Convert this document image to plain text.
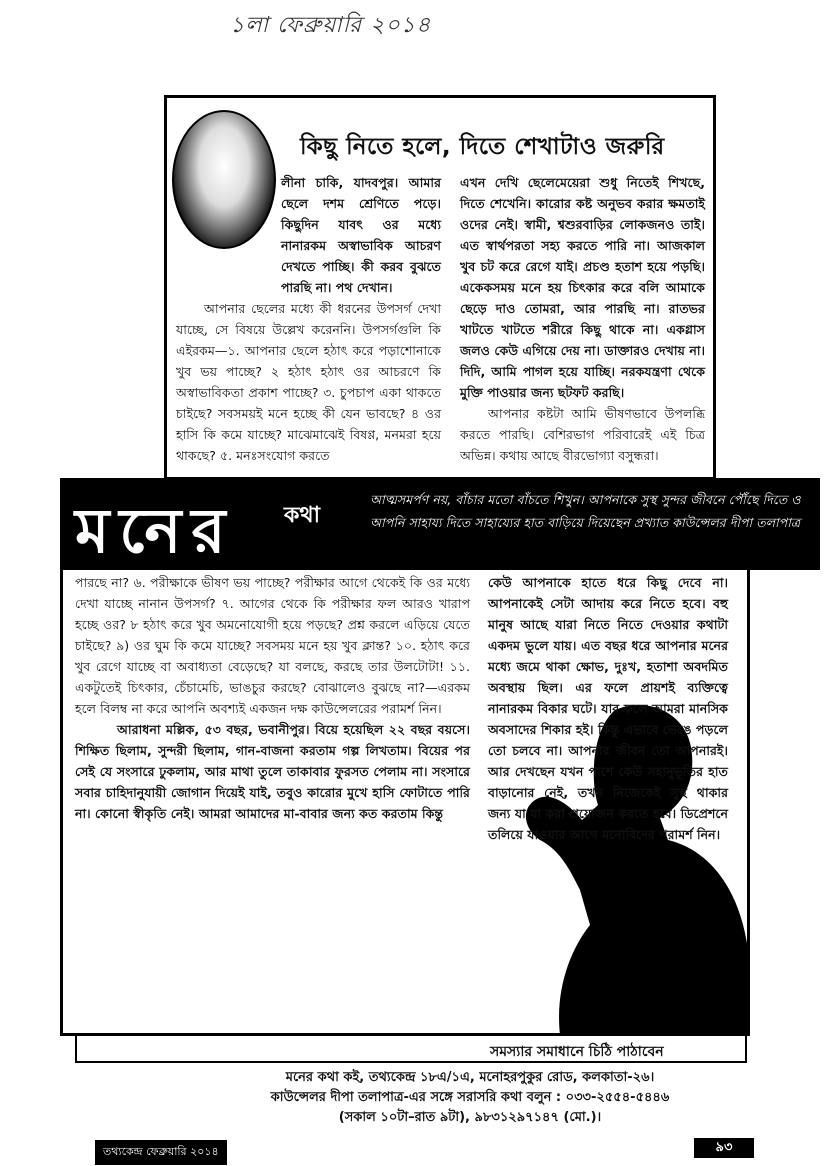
১লা ফেব্রুয়ারি ২০১৪
কিছু নিতে হলে, দিতে শেখাটাও জরুরি

লীনা চাকি, যাদবপুর। আমার ছেলে দশম শ্রেণিতে পড়ে। কিছুদিন যাবৎ ওর মধ্যে নানারকম অস্বাভাবিক আচরণ দেখতে পাচ্ছি। কী করব বুঝতে পারছি না। পথ দেখান।

আপনার ছেলের মধ্যে কী ধরনের উপসর্গ দেখা যাচ্ছে, সে বিষয়ে উল্লেখ করেননি। উপসর্গগুলি কি এইরকম—১. আপনার ছেলে হঠাৎ করে পড়াশোনাকে খুব ভয় পাচ্ছে? ২ হঠাৎ হঠাৎ ওর আচরণে কি অস্বাভাবিকতা প্রকাশ পাচ্ছে? ৩. চুপচাপ একা থাকতে চাইছে? সবসময়ই মনে হচ্ছে কী যেন ভাবছে? ৪ ওর হাসি কি কমে যাচ্ছে? মাঝেমাঝেই বিষণ্ণ, মনমরা হয়ে থাকছে? ৫. মনঃসংযোগ করতে

এখন দেখি ছেলেমেয়েরা শুধু নিতেই শিখছে, দিতে শেখেনি। কারোর কষ্ট অনুভব করার ক্ষমতাই ওদের নেই। স্বামী, শ্বশুরবাড়ির লোকজনও তাই। এত স্বার্থপরতা সহ্য করতে পারি না। আজকাল খুব চট করে রেগে যাই। প্রচণ্ড হতাশ হয়ে পড়ছি। একেকসময় মনে হয় চিৎকার করে বলি আমাকে ছেড়ে দাও তোমরা, আর পারছি না। রাতভর খাটতে খাটতে শরীরে কিছু থাকে না। একগ্লাস জলও কেউ এগিয়ে দেয় না। ডাক্তারও দেখায় না। দিদি, আমি পাগল হয়ে যাচ্ছি। নরকযন্ত্রণা থেকে মুক্তি পাওয়ার জন্য ছটফট করছি।

আপনার কষ্টটা আমি ভীষণভাবে উপলব্ধি করতে পারছি। বেশিরভাগ পরিবারেই এই চিত্র অভিন্ন। কথায় আছে বীরভোগ্যা বসুন্ধরা।

মনের কথা
আত্মসমর্পণ নয়, বাঁচার মতো বাঁচতে শিখুন। আপনাকে সুস্থ সুন্দর জীবনে পৌঁছে দিতে ও আপনি সাহায্য দিতে সাহায্যের হাত বাড়িয়ে দিয়েছেন প্রখ্যাত কাউন্সেলর দীপা তলাপাত্র

পারছে না? ৬. পরীক্ষাকে ভীষণ ভয় পাচ্ছে? পরীক্ষার আগে থেকেই কি ওর মধ্যে দেখা যাচ্ছে নানান উপসর্গ? ৭. আগের থেকে কি পরীক্ষার ফল আরও খারাপ হচ্ছে ওর? ৮ হঠাৎ করে খুব অমনোযোগী হয়ে পড়ছে? প্রশ্ন করলে এড়িয়ে যেতে চাইছে? ৯) ওর ঘুম কি কমে যাচ্ছে? সবসময় মনে হয় খুব ক্লান্ত? ১০. হঠাৎ করে খুব রেগে যাচ্ছে বা অবাধ্যতা বেড়েছে? যা বলছে, করছে তার উলটোটা! ১১. একটুতেই চিৎকার, চেঁচামেচি, ভাঙচুর করছে? বোঝালেও বুঝছে না?—এরকম হলে বিলম্ব না করে আপনি অবশ্যই একজন দক্ষ কাউন্সেলরের পরামর্শ নিন।

আরাধনা মল্লিক, ৫৩ বছর, ভবানীপুর। বিয়ে হয়েছিল ২২ বছর বয়সে। শিক্ষিত ছিলাম, সুন্দরী ছিলাম, গান-বাজনা করতাম গল্প লিখতাম। বিয়ের পর সেই যে সংসারে ঢুকলাম, আর মাথা তুলে তাকাবার ফুরসত পেলাম না। সংসারে সবার চাহিদানুযায়ী জোগান দিয়েই যাই, তবুও কারোর মুখে হাসি ফোটাতে পারি না। কোনো স্বীকৃতি নেই। আমরা আমাদের মা-বাবার জন্য কত করতাম কিন্তু

কেউ আপনাকে হাতে ধরে কিছু দেবে না। আপনাকেই সেটা আদায় করে নিতে হবে। বহু মানুষ আছে যারা নিতে নিতে দেওয়ার কথাটা একদম ভুলে যায়। এত বছর ধরে আপনার মনের মধ্যে জমে থাকা ক্ষোভ, দুঃখ, হতাশা অবদমিত অবস্থায় ছিল। এর ফলে প্রায়শই ব্যক্তিত্বে নানারকম বিকার ঘটে। যার ফলে আমরা মানসিক অবসাদের শিকার হই। কিন্তু এভাবে ভেঙে পড়লে তো চলবে না। আপনার জীবন তো আপনারই। আর দেখছেন যখন পাশে কেউ সহানুভূতির হাত বাড়ানোর নেই, তখন নিজেকেই সুস্থ থাকার জন্য যা যা করা প্রয়োজন করতে হবে। ডিপ্রেশনে তলিয়ে যাওয়ার আগে মনোবিদের পরামর্শ নিন।

সমস্যার সমাধানে চিঠি পাঠাবেন
মনের কথা কই, তথ্যকেন্দ্র ১৮এ/১এ, মনোহরপুকুর রোড, কলকাতা-২৬।
কাউন্সেলর দীপা তলাপাত্র-এর সঙ্গে সরাসরি কথা বলুন : ০৩৩-২৫৫৪-৫৪৪৬
(সকাল ১০টা–রাত ৯টা), ৯৮৩১২৯৭১৪৭ (মো.)।
তথ্যকেন্দ্র ফেব্রুয়ারি ২০১৪	৯৩
